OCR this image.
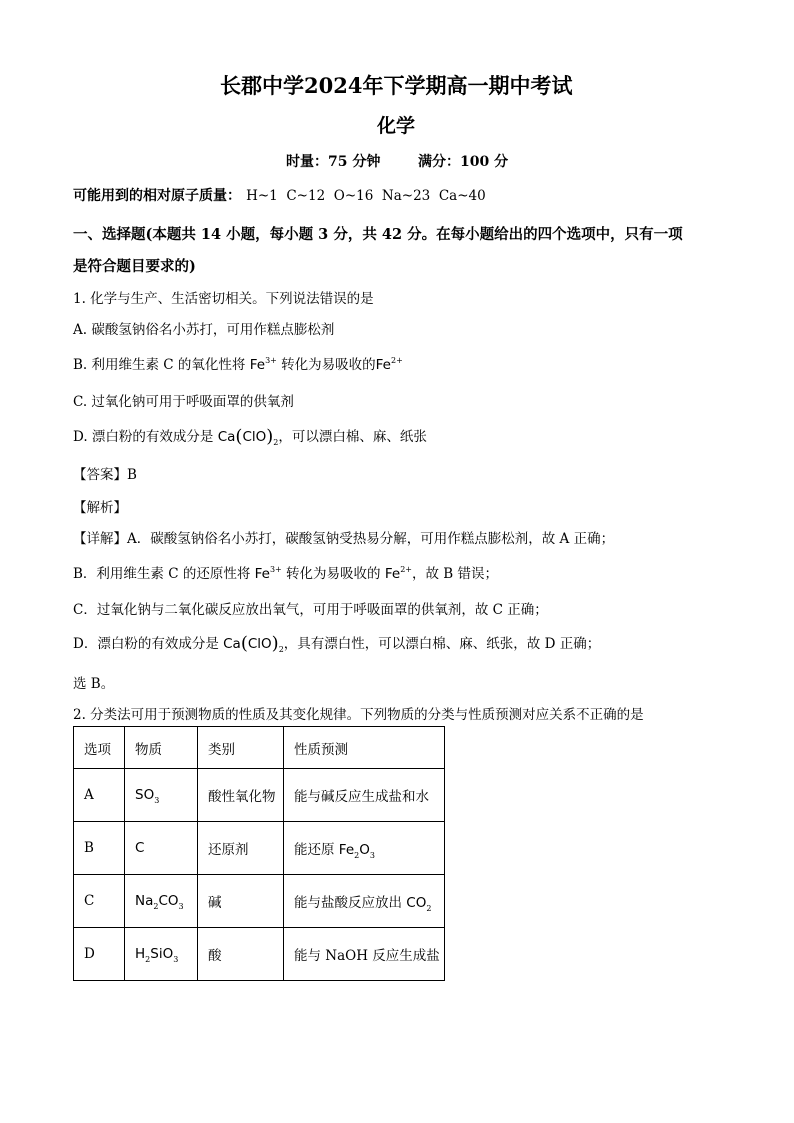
长郡中学2024年下学期高一期中考试
化学
时量：75 分钟	满分：100 分
可能用到的相对原子质量： H~1  C~12  O~16  Na~23  Ca~40
一、选择题(本题共 14 小题，每小题 3 分，共 42 分。在每小题给出的四个选项中，只有一项
是符合题目要求的)
1. 化学与生产、生活密切相关。下列说法错误的是
A. 碳酸氢钠俗名小苏打，可用作糕点膨松剂
B. 利用维生素 C 的氧化性将 $Fe^{3+}$ 转化为易吸收的$Fe^{2+}$
C. 过氧化钠可用于呼吸面罩的供氧剂
D. 漂白粉的有效成分是 $Ca(ClO)_2$，可以漂白棉、麻、纸张
【答案】B
【解析】
【详解】A．碳酸氢钠俗名小苏打，碳酸氢钠受热易分解，可用作糕点膨松剂，故 A 正确；
B．利用维生素 C 的还原性将 $Fe^{3+}$ 转化为易吸收的 $Fe^{2+}$，故 B 错误；
C．过氧化钠与二氧化碳反应放出氧气，可用于呼吸面罩的供氧剂，故 C 正确；
D．漂白粉的有效成分是 $Ca(ClO)_2$，具有漂白性，可以漂白棉、麻、纸张，故 D 正确；
选 B。
2. 分类法可用于预测物质的性质及其变化规律。下列物质的分类与性质预测对应关系不正确的是
选项	物质	类别	性质预测
A	$SO_3$	酸性氧化物	能与碱反应生成盐和水
B	C	还原剂	能还原 $Fe_2O_3$
C	$Na_2CO_3$	碱	能与盐酸反应放出 $CO_2$
D	$H_2SiO_3$	酸	能与 NaOH 反应生成盐
